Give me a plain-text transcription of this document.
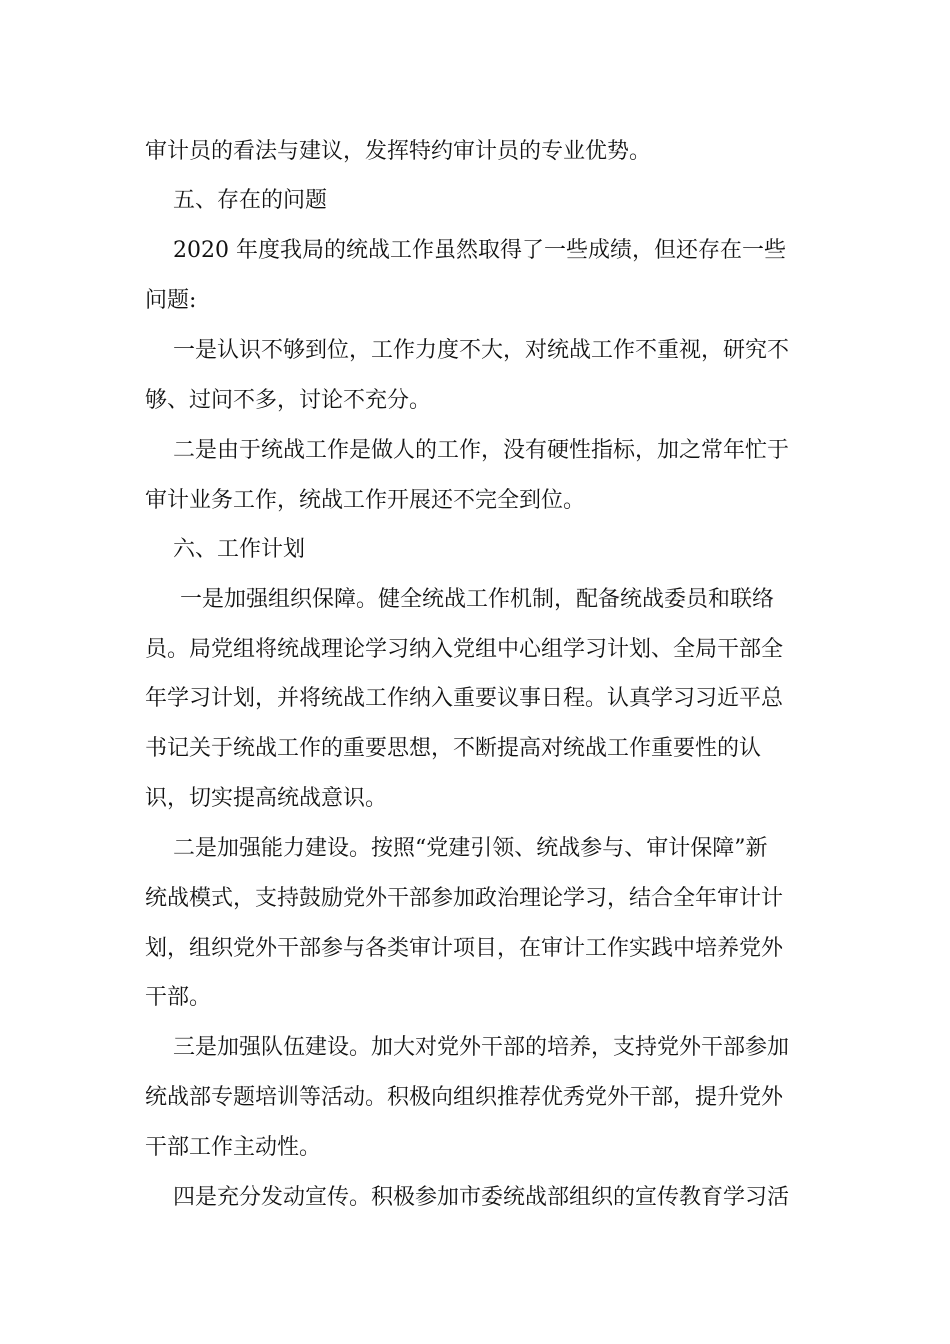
审计员的看法与建议，发挥特约审计员的专业优势。
五、存在的问题
2020 年度我局的统战工作虽然取得了一些成绩，但还存在一些
问题:
一是认识不够到位，工作力度不大，对统战工作不重视，研究不
够、过问不多，讨论不充分。
二是由于统战工作是做人的工作，没有硬性指标，加之常年忙于
审计业务工作，统战工作开展还不完全到位。
六、工作计划
一是加强组织保障。健全统战工作机制，配备统战委员和联络
员。局党组将统战理论学习纳入党组中心组学习计划、全局干部全
年学习计划，并将统战工作纳入重要议事日程。认真学习习近平总
书记关于统战工作的重要思想，不断提高对统战工作重要性的认
识，切实提高统战意识。
二是加强能力建设。按照“党建引领、统战参与、审计保障”新
统战模式，支持鼓励党外干部参加政治理论学习，结合全年审计计
划，组织党外干部参与各类审计项目，在审计工作实践中培养党外
干部。
三是加强队伍建设。加大对党外干部的培养，支持党外干部参加
统战部专题培训等活动。积极向组织推荐优秀党外干部，提升党外
干部工作主动性。
四是充分发动宣传。积极参加市委统战部组织的宣传教育学习活
